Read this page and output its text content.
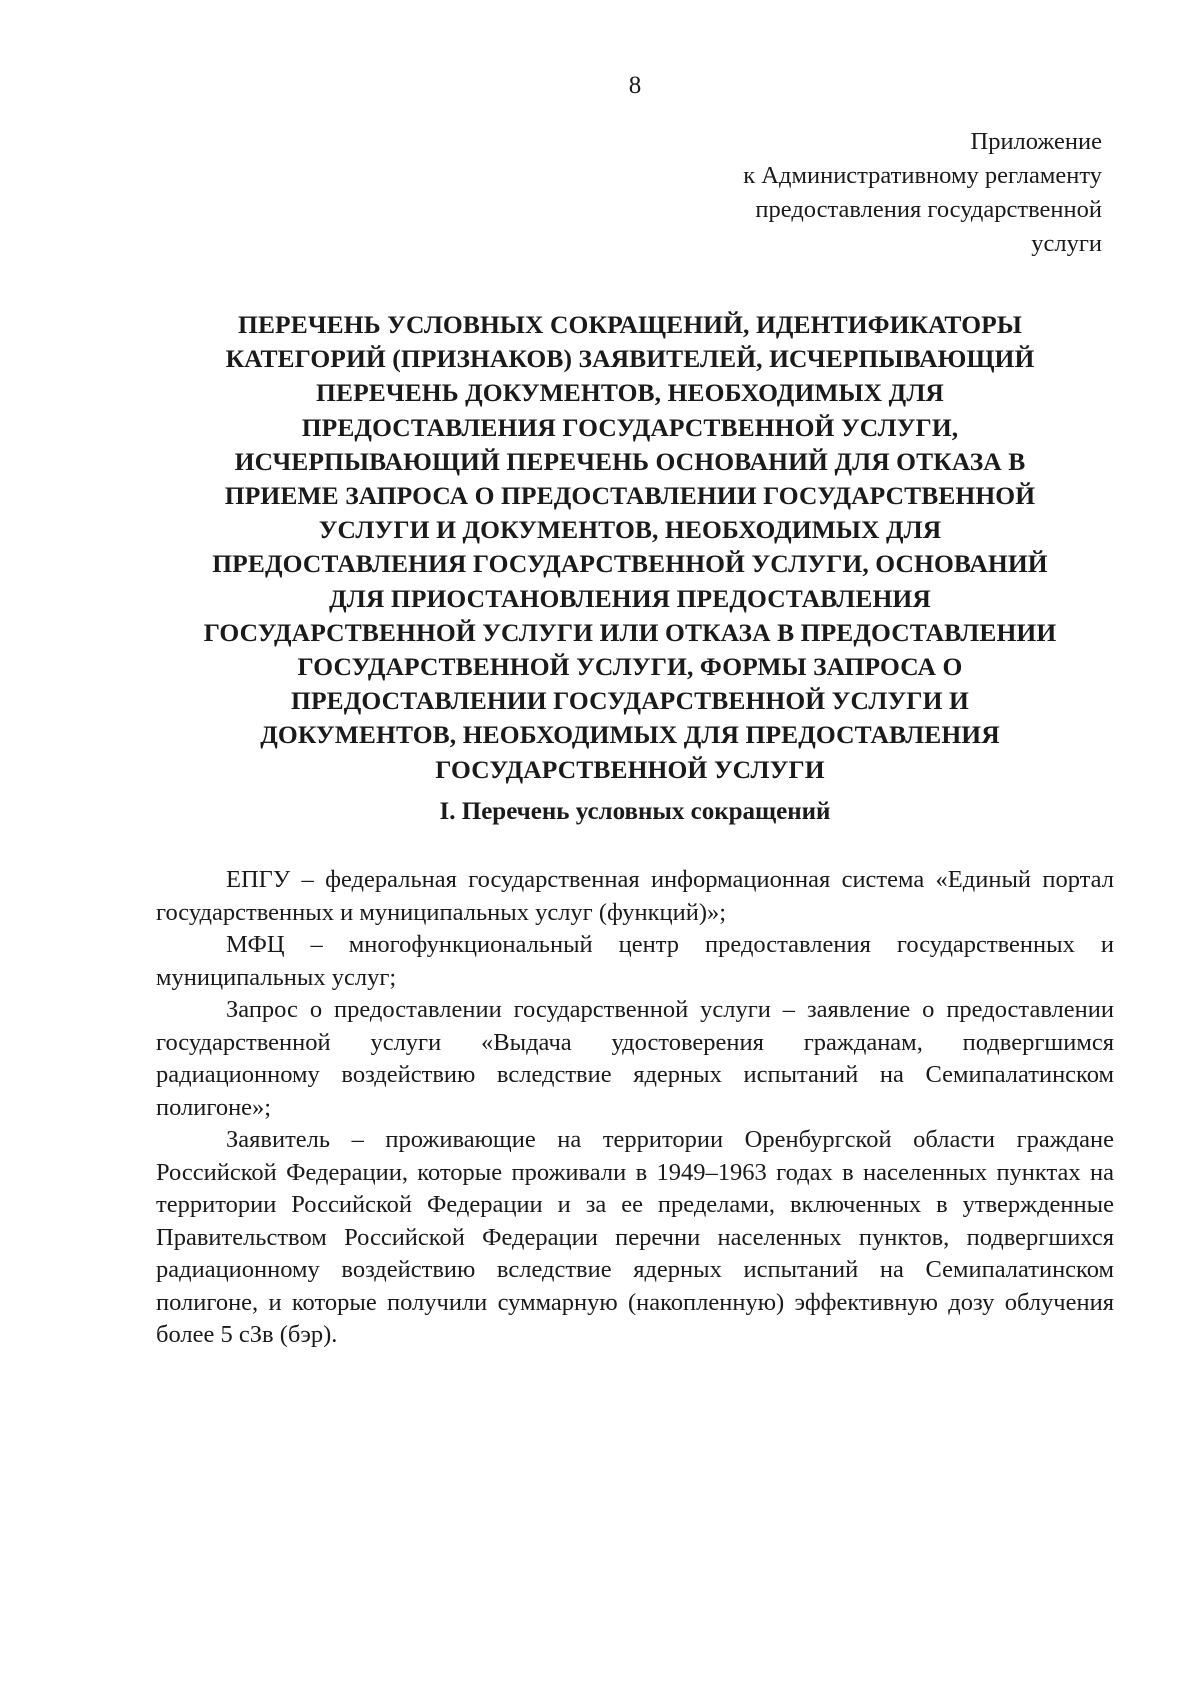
8
Приложение
к Административному регламенту
предоставления государственной
услуги
ПЕРЕЧЕНЬ УСЛОВНЫХ СОКРАЩЕНИЙ, ИДЕНТИФИКАТОРЫ
КАТЕГОРИЙ (ПРИЗНАКОВ) ЗАЯВИТЕЛЕЙ, ИСЧЕРПЫВАЮЩИЙ
ПЕРЕЧЕНЬ ДОКУМЕНТОВ, НЕОБХОДИМЫХ ДЛЯ
ПРЕДОСТАВЛЕНИЯ ГОСУДАРСТВЕННОЙ УСЛУГИ,
ИСЧЕРПЫВАЮЩИЙ ПЕРЕЧЕНЬ ОСНОВАНИЙ ДЛЯ ОТКАЗА В
ПРИЕМЕ ЗАПРОСА О ПРЕДОСТАВЛЕНИИ ГОСУДАРСТВЕННОЙ
УСЛУГИ И ДОКУМЕНТОВ, НЕОБХОДИМЫХ ДЛЯ
ПРЕДОСТАВЛЕНИЯ ГОСУДАРСТВЕННОЙ УСЛУГИ, ОСНОВАНИЙ
ДЛЯ ПРИОСТАНОВЛЕНИЯ ПРЕДОСТАВЛЕНИЯ
ГОСУДАРСТВЕННОЙ УСЛУГИ ИЛИ ОТКАЗА В ПРЕДОСТАВЛЕНИИ
ГОСУДАРСТВЕННОЙ УСЛУГИ, ФОРМЫ ЗАПРОСА О
ПРЕДОСТАВЛЕНИИ ГОСУДАРСТВЕННОЙ УСЛУГИ И
ДОКУМЕНТОВ, НЕОБХОДИМЫХ ДЛЯ ПРЕДОСТАВЛЕНИЯ
ГОСУДАРСТВЕННОЙ УСЛУГИ
I. Перечень условных сокращений

ЕПГУ – федеральная государственная информационная система «Единый портал государственных и муниципальных услуг (функций)»;

МФЦ – многофункциональный центр предоставления государственных и муниципальных услуг;

Запрос о предоставлении государственной услуги – заявление о предоставлении государственной услуги «Выдача удостоверения гражданам, подвергшимся радиационному воздействию вследствие ядерных испытаний на Семипалатинском полигоне»;

Заявитель – проживающие на территории Оренбургской области граждане Российской Федерации, которые проживали в 1949–1963 годах в населенных пунктах на территории Российской Федерации и за ее пределами, включенных в утвержденные Правительством Российской Федерации перечни населенных пунктов, подвергшихся радиационному воздействию вследствие ядерных испытаний на Семипалатинском полигоне, и которые получили суммарную (накопленную) эффективную дозу облучения более 5 сЗв (бэр).
